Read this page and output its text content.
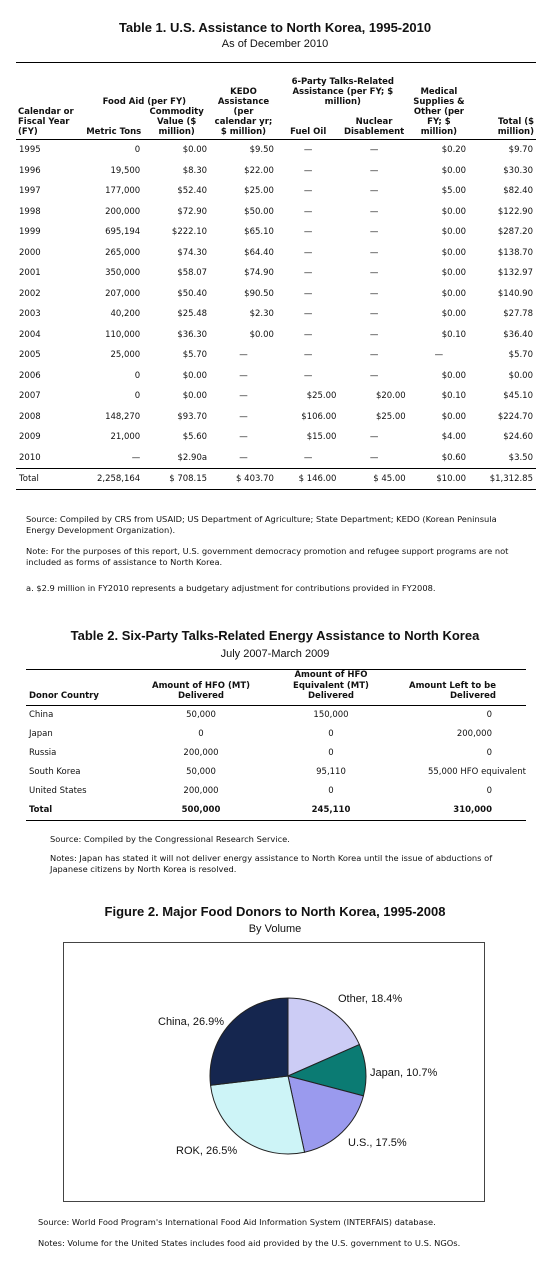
Table 1. U.S. Assistance to North Korea, 1995-2010
As of December 2010
Calendar or Fiscal Year (FY)	Food Aid (per FY)		KEDO Assistance (per calendar yr; $ million)	6-Party Talks-Related Assistance (per FY; $ million)		Medical Supplies & Other (per FY; $ million)	Total ($ million)
	Metric Tons	Commodity Value ($ million)		Fuel Oil	Nuclear Disablement		
1995	0	$0.00	$9.50	—	—	$0.20	$9.70
1996	19,500	$8.30	$22.00	—	—	$0.00	$30.30
1997	177,000	$52.40	$25.00	—	—	$5.00	$82.40
1998	200,000	$72.90	$50.00	—	—	$0.00	$122.90
1999	695,194	$222.10	$65.10	—	—	$0.00	$287.20
2000	265,000	$74.30	$64.40	—	—	$0.00	$138.70
2001	350,000	$58.07	$74.90	—	—	$0.00	$132.97
2002	207,000	$50.40	$90.50	—	—	$0.00	$140.90
2003	40,200	$25.48	$2.30	—	—	$0.00	$27.78
2004	110,000	$36.30	$0.00	—	—	$0.10	$36.40
2005	25,000	$5.70	—	—	—	—	$5.70
2006	0	$0.00	—	—	—	$0.00	$0.00
2007	0	$0.00	—	$25.00	$20.00	$0.10	$45.10
2008	148,270	$93.70	—	$106.00	$25.00	$0.00	$224.70
2009	21,000	$5.60	—	$15.00	—	$4.00	$24.60
2010	—	$2.90a	—	—	—	$0.60	$3.50
Total	2,258,164	$ 708.15	$ 403.70	$ 146.00	$ 45.00	$10.00	$1,312.85
Source: Compiled by CRS from USAID; US Department of Agriculture; State Department; KEDO (Korean Peninsula Energy Development Organization).
Note: For the purposes of this report, U.S. government democracy promotion and refugee support programs are not included as forms of assistance to North Korea.
a. $2.9 million in FY2010 represents a budgetary adjustment for contributions provided in FY2008.
Table 2. Six-Party Talks-Related Energy Assistance to North Korea
July 2007-March 2009
Donor Country	Amount of HFO (MT) Delivered	Amount of HFO Equivalent (MT) Delivered	Amount Left to be Delivered
China	50,000	150,000	0
Japan	0	0	200,000
Russia	200,000	0	0
South Korea	50,000	95,110	55,000 HFO equivalent
United States	200,000	0	0
Total	500,000	245,110	310,000
Source: Compiled by the Congressional Research Service.
Notes: Japan has stated it will not deliver energy assistance to North Korea until the issue of abductions of Japanese citizens by North Korea is resolved.
Figure 2. Major Food Donors to North Korea, 1995-2008
By Volume
Other, 18.4%
Japan, 10.7%
U.S., 17.5%
ROK, 26.5%
China, 26.9%
Source: World Food Program's International Food Aid Information System (INTERFAIS) database.
Notes: Volume for the United States includes food aid provided by the U.S. government to U.S. NGOs.
